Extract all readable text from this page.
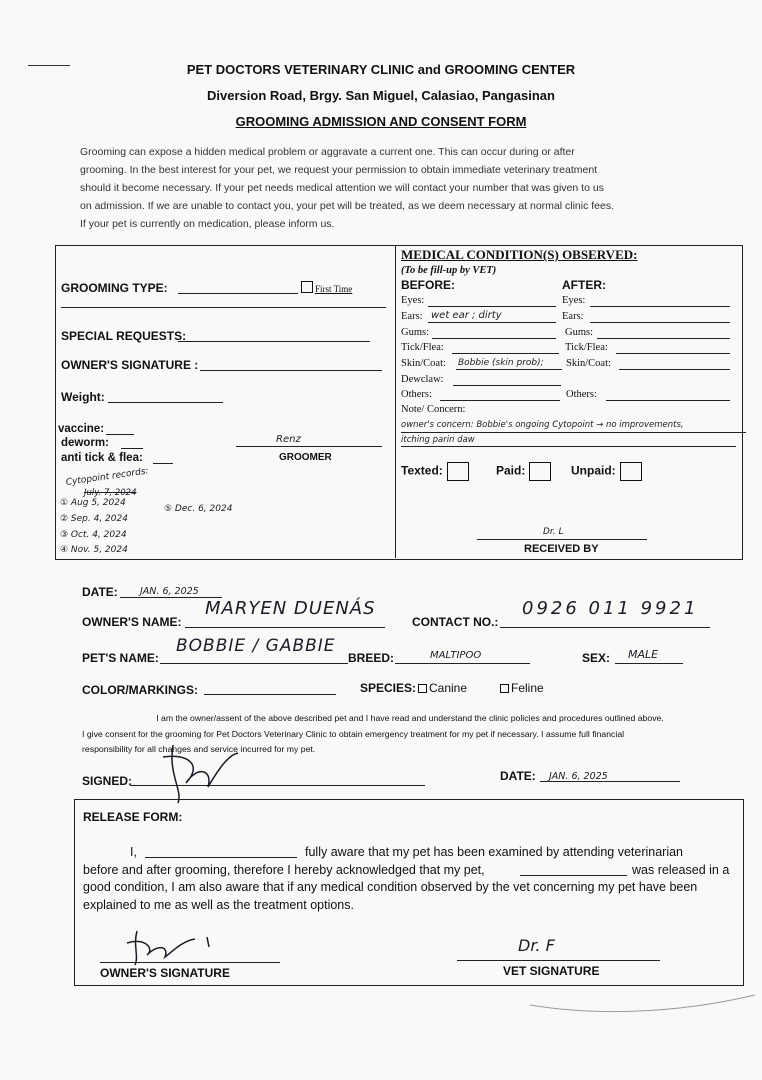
PET DOCTORS VETERINARY CLINIC and GROOMING CENTER
Diversion Road, Brgy. San Miguel, Calasiao, Pangasinan
GROOMING ADMISSION AND CONSENT FORM
Grooming can expose a hidden medical problem or aggravate a current one. This can occur during or after
grooming. In the best interest for your pet, we request your permission to obtain immediate veterinary treatment
should it become necessary. If your pet needs medical attention we will contact your number that was given to us
on admission. If we are unable to contact you, your pet will be treated, as we deem necessary at normal clinic fees.
If your pet is currently on medication, please inform us.
GROOMING TYPE:	First Time
SPECIAL REQUESTS:
OWNER'S SIGNATURE :
Weight:
vaccine:
deworm:
anti tick & flea:
Renz
GROOMER
Cytopoint records:
July. 7, 2024
① Aug 5, 2024
② Sep. 4, 2024
③ Oct. 4, 2024
④ Nov. 5, 2024
⑤ Dec. 6, 2024
MEDICAL CONDITION(S) OBSERVED:
(To be fill-up by VET)
BEFORE:	AFTER:
Eyes:	Eyes:
Ears: wet ear ; dirty	Ears:
Gums:	Gums:
Tick/Flea:	Tick/Flea:
Skin/Coat: Bobbie (skin prob); Skin/Coat:
Dewclaw:
Others:	Others:
Note/ Concern:
owner's concern: Bobbie's ongoing Cytopoint → no improvements,
itching parin daw
Texted:	Paid:	Unpaid:
Dr. L
RECEIVED BY
DATE: JAN. 6, 2025
OWNER'S NAME:
MARYEN DUENÁS
CONTACT NO.:
0926 011 9921
PET'S NAME:
BOBBIE / GABBIE
BREED:	MALTIPOO	SEX: MALE
COLOR/MARKINGS:	SPECIES:	Canine	Feline
I am the owner/assent of the above described pet and I have read and understand the clinic policies and procedures outlined above.
I give consent for the grooming for Pet Doctors Veterinary Clinic to obtain emergency treatment for my pet if necessary. I assume full financial
responsibility for all changes and service incurred for my pet.
SIGNED:	DATE: JAN. 6, 2025
RELEASE FORM:
I,	fully aware that my pet has been examined by attending veterinarian
before and after grooming, therefore I hereby acknowledged that my pet,	was released in a
good condition, I am also aware that if any medical condition observed by the vet concerning my pet have been
explained to me as well as the treatment options.
OWNER'S SIGNATURE
Dr. F
VET SIGNATURE
